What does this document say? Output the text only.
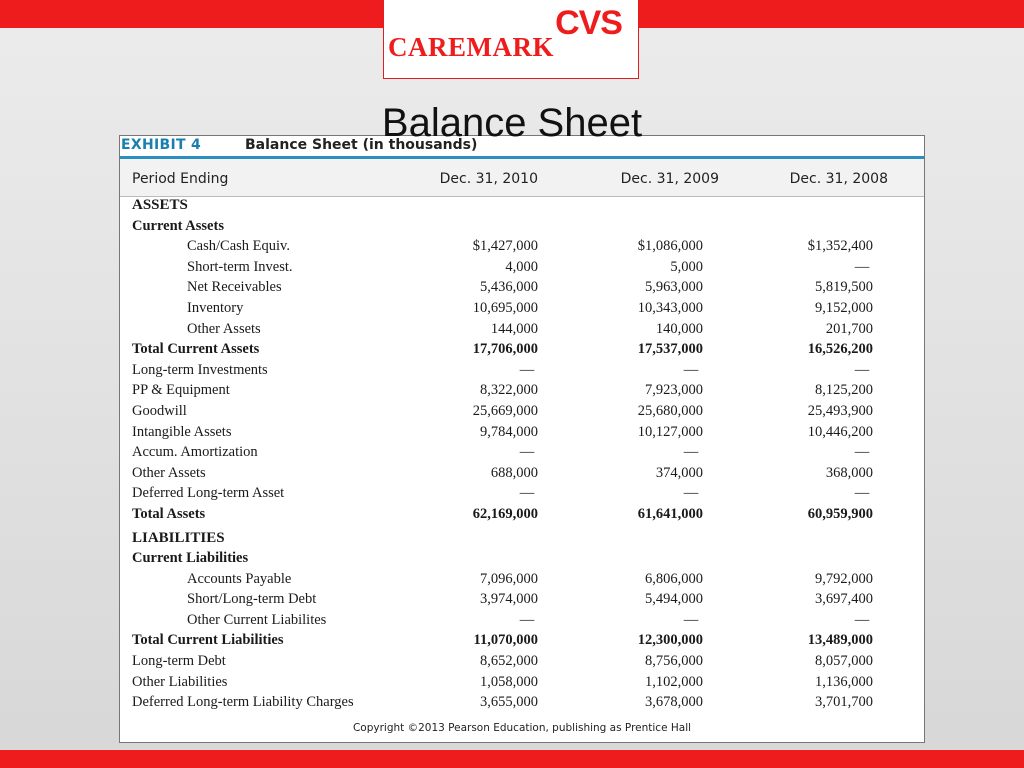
CVS
CAREMARK
Balance Sheet
EXHIBIT 4	Balance Sheet (in thousands)
Period Ending	Dec. 31, 2010	Dec. 31, 2009	Dec. 31, 2008
ASSETS
Current Assets
Cash/Cash Equiv.	$1,427,000	$1,086,000	$1,352,400
Short-term Invest.	4,000	5,000	—
Net Receivables	5,436,000	5,963,000	5,819,500
Inventory	10,695,000	10,343,000	9,152,000
Other Assets	144,000	140,000	201,700
Total Current Assets	17,706,000	17,537,000	16,526,200
Long-term Investments	—	—	—
PP & Equipment	8,322,000	7,923,000	8,125,200
Goodwill	25,669,000	25,680,000	25,493,900
Intangible Assets	9,784,000	10,127,000	10,446,200
Accum. Amortization	—	—	—
Other Assets	688,000	374,000	368,000
Deferred Long-term Asset	—	—	—
Total Assets	62,169,000	61,641,000	60,959,900
LIABILITIES
Current Liabilities
Accounts Payable	7,096,000	6,806,000	9,792,000
Short/Long-term Debt	3,974,000	5,494,000	3,697,400
Other Current Liabilites	—	—	—
Total Current Liabilities	11,070,000	12,300,000	13,489,000
Long-term Debt	8,652,000	8,756,000	8,057,000
Other Liabilities	1,058,000	1,102,000	1,136,000
Deferred Long-term Liability Charges	3,655,000	3,678,000	3,701,700
Copyright ©2013 Pearson Education, publishing as Prentice Hall
